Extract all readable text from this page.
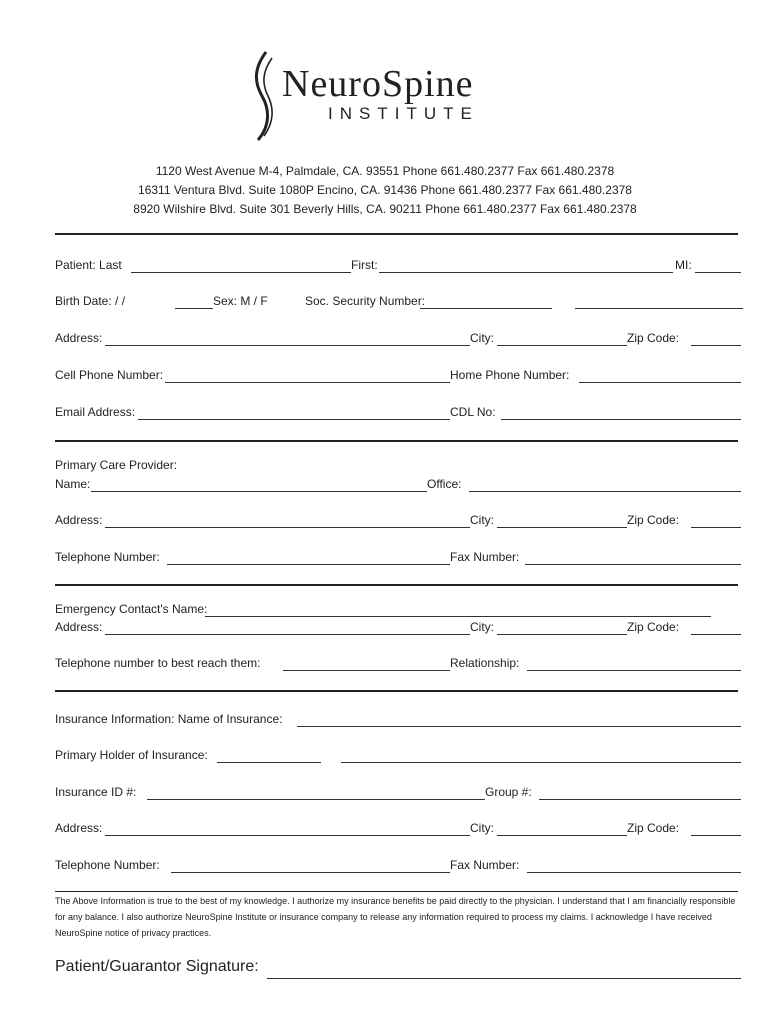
NeuroSpine
INSTITUTE
1120 West Avenue M-4, Palmdale, CA. 93551 Phone 661.480.2377 Fax 661.480.2378
16311 Ventura Blvd. Suite 1080P Encino, CA. 91436 Phone 661.480.2377 Fax 661.480.2378
8920 Wilshire Blvd. Suite 301 Beverly Hills, CA. 90211 Phone 661.480.2377 Fax 661.480.2378
Patient: Last	First:	MI:
Birth Date: / /	Sex: M / F	Soc. Security Number:
Address:	City:	Zip Code:
Cell Phone Number:	Home Phone Number:
Email Address:	CDL No:
Primary Care Provider:
Name:	Office:
Address:	City:	Zip Code:
Telephone Number:	Fax Number:
Emergency Contact's Name:
Address:	City:	Zip Code:
Telephone number to best reach them:	Relationship:
Insurance Information: Name of Insurance:
Primary Holder of Insurance:
Insurance ID #:	Group #:
Address:	City:	Zip Code:
Telephone Number:	Fax Number:
The Above Information is true to the best of my knowledge. I authorize my insurance benefits be paid directly to the physician. I understand that I am financially responsible for any balance. I also authorize NeuroSpine Institute or insurance company to release any information required to process my claims. I acknowledge I have received NeuroSpine notice of privacy practices.
Patient/Guarantor Signature:
